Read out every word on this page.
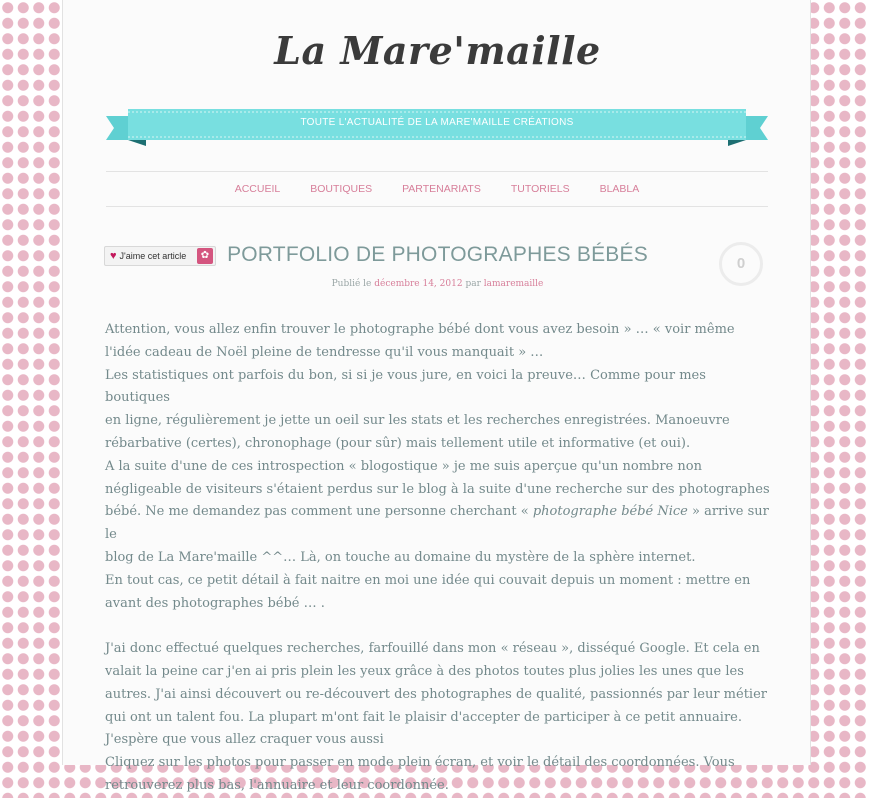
La Mare'maille
TOUTE L'ACTUALITÉ DE LA MARE'MAILLE CRÉATIONS
ACCUEIL	BOUTIQUES	PARTENARIATS	TUTORIELS	BLABLA
♥ J'aime cet article	✿ PORTFOLIO DE PHOTOGRAPHES BÉBÉS	0
Publié le décembre 14, 2012 par lamaremaille

Attention, vous allez enfin trouver le photographe bébé dont vous avez besoin » … « voir même

l'idée cadeau de Noël pleine de tendresse qu'il vous manquait » …

Les statistiques ont parfois du bon, si si je vous jure, en voici la preuve… Comme pour mes boutiques

en ligne, régulièrement je jette un oeil sur les stats et les recherches enregistrées. Manoeuvre

rébarbative (certes), chronophage (pour sûr) mais tellement utile et informative (et oui).

A la suite d'une de ces introspection « blogostique » je me suis aperçue qu'un nombre non

négligeable de visiteurs s'étaient perdus sur le blog à la suite d'une recherche sur des photographes

bébé. Ne me demandez pas comment une personne cherchant « photographe bébé Nice » arrive sur le

blog de La Mare'maille ^^… Là, on touche au domaine du mystère de la sphère internet.

En tout cas, ce petit détail à fait naitre en moi une idée qui couvait depuis un moment : mettre en

avant des photographes bébé … .

J'ai donc effectué quelques recherches, farfouillé dans mon « réseau », disséqué Google. Et cela en

valait la peine car j'en ai pris plein les yeux grâce à des photos toutes plus jolies les unes que les

autres. J'ai ainsi découvert ou re-découvert des photographes de qualité, passionnés par leur métier

qui ont un talent fou. La plupart m'ont fait le plaisir d'accepter de participer à ce petit annuaire.

J'espère que vous allez craquer vous aussi

Cliquez sur les photos pour passer en mode plein écran, et voir le détail des coordonnées. Vous

retrouverez plus bas, l'annuaire et leur coordonnée.
